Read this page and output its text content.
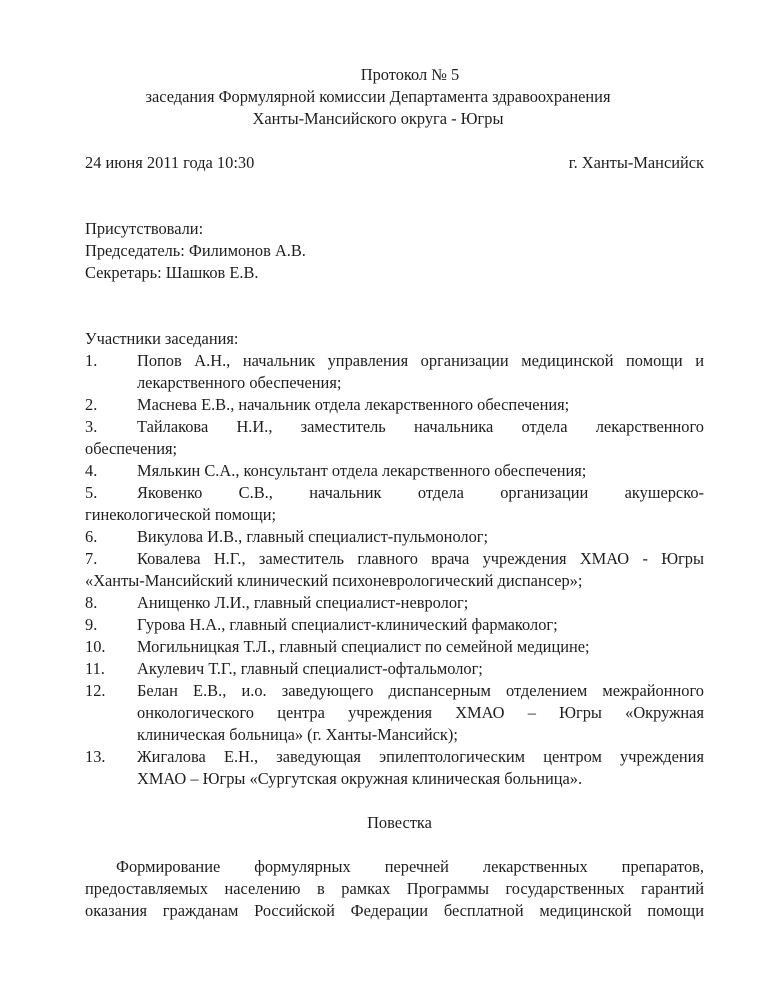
Протокол № 5
заседания Формулярной комиссии Департамента здравоохранения
Ханты-Мансийского округа - Югры
24 июня 2011 года 10:30	г. Ханты-Мансийск
Присутствовали:
Председатель: Филимонов А.В.
Секретарь: Шашков Е.В.
Участники заседания:
1.	Попов А.Н., начальник управления организации медицинской помощи и
лекарственного обеспечения;
2.	Маснева Е.В., начальник отдела лекарственного обеспечения;
3.	Тайлакова Н.И., заместитель начальника отдела лекарственного
обеспечения;
4.	Мялькин С.А., консультант отдела лекарственного обеспечения;
5.	Яковенко С.В., начальник отдела организации акушерско-
гинекологической помощи;
6.	Викулова И.В., главный специалист-пульмонолог;
7.	Ковалева Н.Г., заместитель главного врача учреждения ХМАО - Югры
«Ханты-Мансийский клинический психоневрологический диспансер»;
8.	Анищенко Л.И., главный специалист-невролог;
9.	Гурова Н.А., главный специалист-клинический фармаколог;
10.	Могильницкая Т.Л., главный специалист по семейной медицине;
11.	Акулевич Т.Г., главный специалист-офтальмолог;
12.	Белан Е.В., и.о. заведующего диспансерным отделением межрайонного
онкологического центра учреждения ХМАО – Югры «Окружная
клиническая больница» (г. Ханты-Мансийск);
13.	Жигалова Е.Н., заведующая эпилептологическим центром учреждения
ХМАО – Югры «Сургутская окружная клиническая больница».
Повестка
Формирование формулярных перечней лекарственных препаратов,
предоставляемых населению в рамках Программы государственных гарантий
оказания гражданам Российской Федерации бесплатной медицинской помощи
